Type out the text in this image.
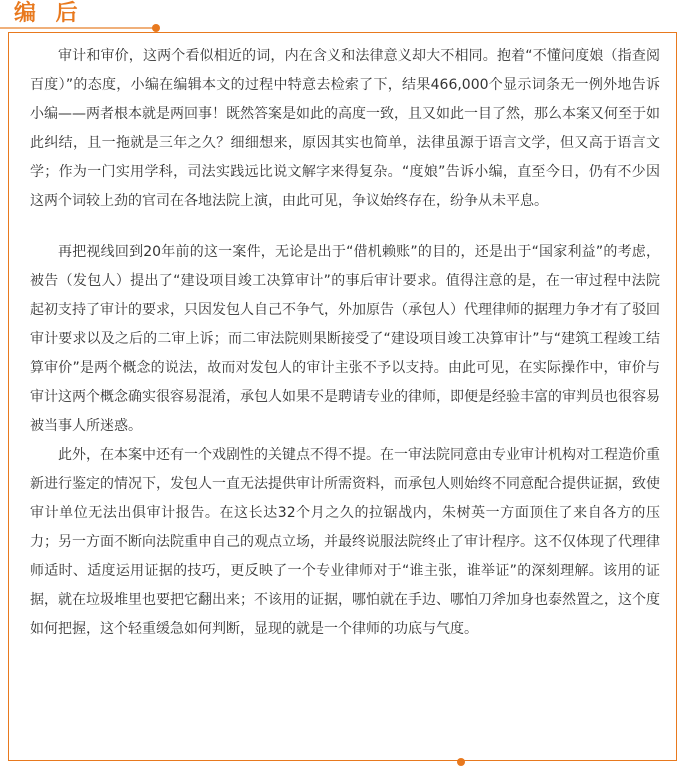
编 后

审计和审价，这两个看似相近的词，内在含义和法律意义却大不相同。抱着“不懂问度娘（指查阅百度）”的态度，小编在编辑本文的过程中特意去检索了下，结果466,000个显示词条无一例外地告诉小编——两者根本就是两回事！既然答案是如此的高度一致，且又如此一目了然，那么本案又何至于如此纠结，且一拖就是三年之久？细细想来，原因其实也简单，法律虽源于语言文学，但又高于语言文学；作为一门实用学科，司法实践远比说文解字来得复杂。“度娘”告诉小编，直至今日，仍有不少因这两个词较上劲的官司在各地法院上演，由此可见，争议始终存在，纷争从未平息。

再把视线回到20年前的这一案件，无论是出于“借机赖账”的目的，还是出于“国家利益”的考虑，被告（发包人）提出了“建设项目竣工决算审计”的事后审计要求。值得注意的是，在一审过程中法院起初支持了审计的要求，只因发包人自己不争气，外加原告（承包人）代理律师的据理力争才有了驳回审计要求以及之后的二审上诉；而二审法院则果断接受了“建设项目竣工决算审计”与“建筑工程竣工结算审价”是两个概念的说法，故而对发包人的审计主张不予以支持。由此可见，在实际操作中，审价与审计这两个概念确实很容易混淆，承包人如果不是聘请专业的律师，即便是经验丰富的审判员也很容易被当事人所迷惑。

此外，在本案中还有一个戏剧性的关键点不得不提。在一审法院同意由专业审计机构对工程造价重新进行鉴定的情况下，发包人一直无法提供审计所需资料，而承包人则始终不同意配合提供证据，致使审计单位无法出俱审计报告。在这长达32个月之久的拉锯战内，朱树英一方面顶住了来自各方的压力；另一方面不断向法院重申自己的观点立场，并最终说服法院终止了审计程序。这不仅体现了代理律师适时、适度运用证据的技巧，更反映了一个专业律师对于“谁主张，谁举证”的深刻理解。该用的证据，就在垃圾堆里也要把它翻出来；不该用的证据，哪怕就在手边、哪怕刀斧加身也泰然置之，这个度如何把握，这个轻重缓急如何判断，显现的就是一个律师的功底与气度。
